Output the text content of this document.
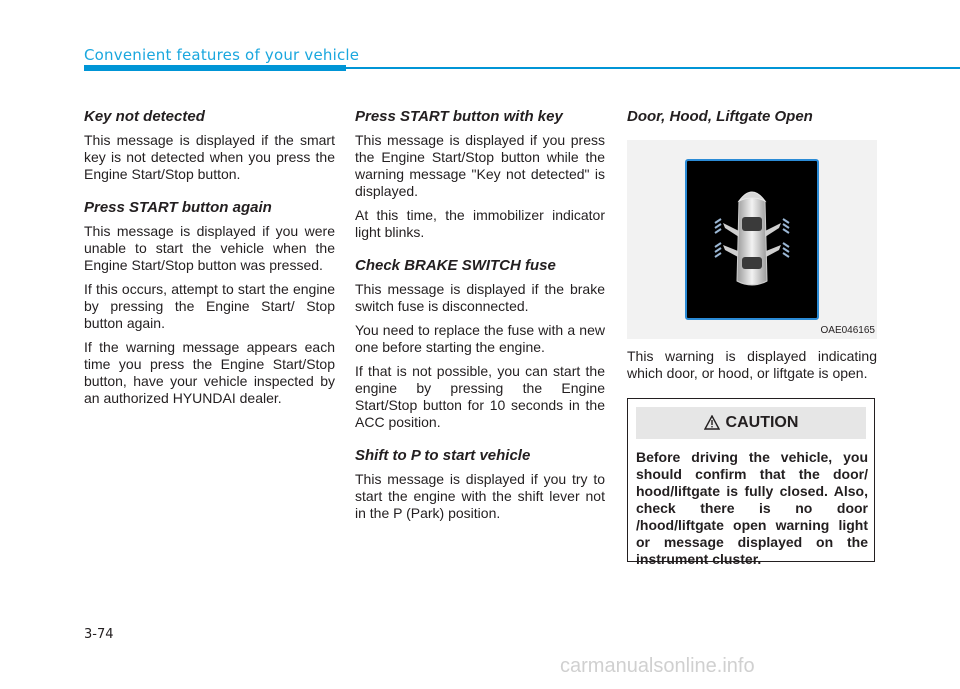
Convenient features of your vehicle
Key not detected

This message is displayed if the smart key is not detected when you press the Engine Start/Stop button.

Press START button again

This message is displayed if you were unable to start the vehicle when the Engine Start/Stop button was pressed.

If this occurs, attempt to start the engine by pressing the Engine Start/ Stop button again.

If the warning message appears each time you press the Engine Start/Stop button, have your vehicle inspected by an authorized HYUNDAI dealer.

Press START button with key

This message is displayed if you press the Engine Start/Stop button while the warning message "Key not detected" is displayed.

At this time, the immobilizer indicator light blinks.

Check BRAKE SWITCH fuse

This message is displayed if the brake switch fuse is disconnected.

You need to replace the fuse with a new one before starting the engine.

If that is not possible, you can start the engine by pressing the Engine Start/Stop button for 10 seconds in the ACC position.

Shift to P to start vehicle

This message is displayed if you try to start the engine with the shift lever not in the P (Park) position.

Door, Hood, Liftgate Open
OAE046165

This warning is displayed indicating which door, or hood, or liftgate is open.

CAUTION
Before driving the vehicle, you should confirm that the door/ hood/liftgate is fully closed. Also, check there is no door /hood/liftgate open warning light or message displayed on the instrument cluster.
3-74
carmanualsonline.info
